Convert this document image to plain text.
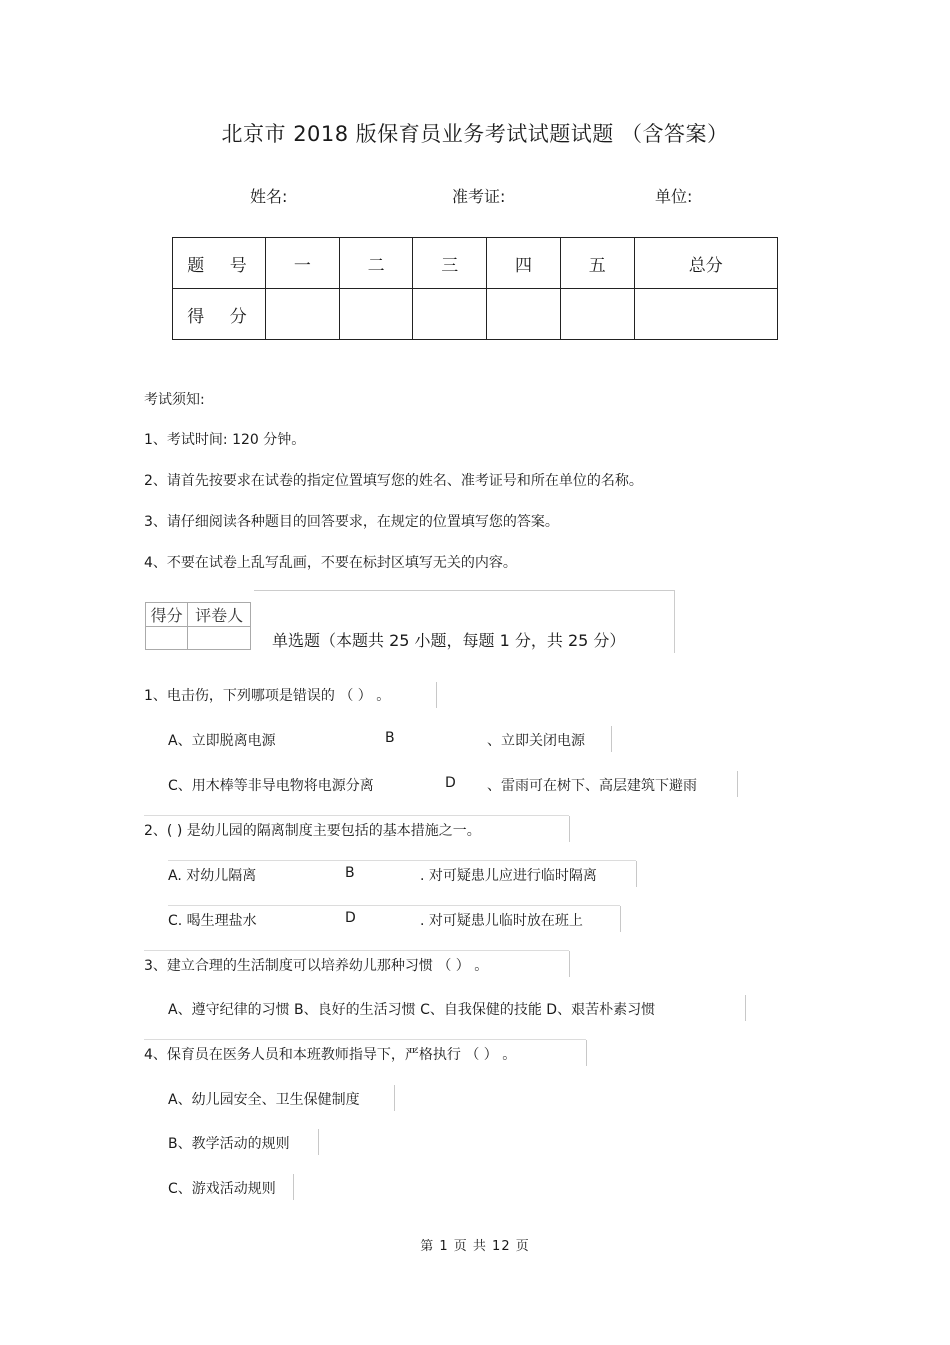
北京市 2018 版保育员业务考试试题试题 （含答案）
姓名:	准考证:	单位:
题 号	一	二	三	四	五	总分
得 分						
考试须知:
1、考试时间: 120 分钟。
2、请首先按要求在试卷的指定位置填写您的姓名、准考证号和所在单位的名称。
3、请仔细阅读各种题目的回答要求，在规定的位置填写您的答案。
4、不要在试卷上乱写乱画，不要在标封区填写无关的内容。
得分	评卷人

单选题（本题共 25 小题，每题 1 分，共 25 分）
1、电击伤，下列哪项是错误的 （ ） 。
A、立即脱离电源	B	、立即关闭电源
C、用木棒等非导电物将电源分离	D 、雷雨可在树下、高层建筑下避雨
2、( ) 是幼儿园的隔离制度主要包括的基本措施之一。
A. 对幼儿隔离	B	. 对可疑患儿应进行临时隔离
C. 喝生理盐水	D	. 对可疑患儿临时放在班上
3、建立合理的生活制度可以培养幼儿那种习惯 （ ） 。
A、遵守纪律的习惯 B、良好的生活习惯 C、自我保健的技能 D、艰苦朴素习惯
4、保育员在医务人员和本班教师指导下，严格执行 （ ） 。
A、幼儿园安全、卫生保健制度
B、教学活动的规则
C、游戏活动规则
第 1 页 共 12 页
